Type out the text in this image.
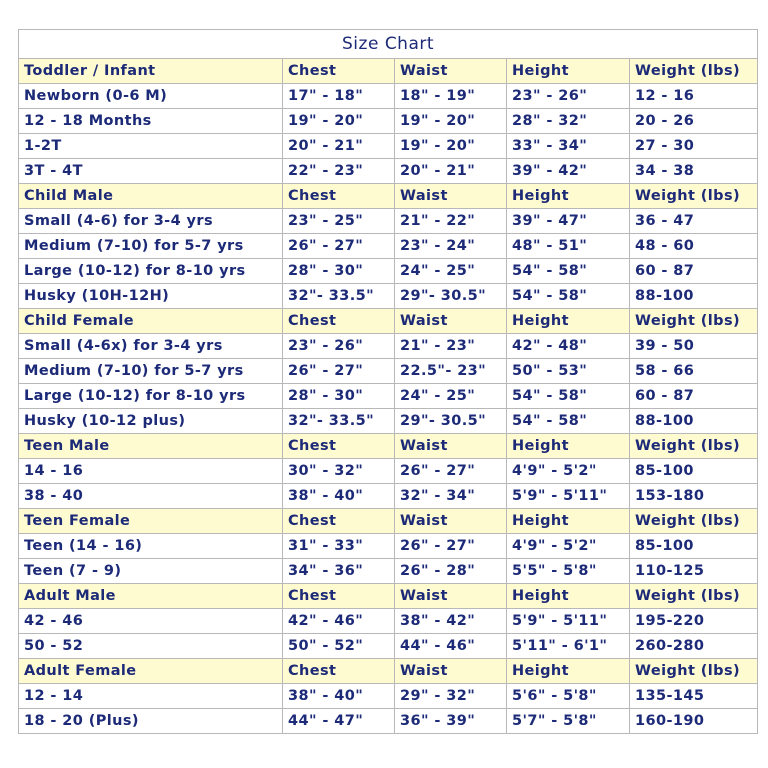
Size Chart				
Toddler / Infant	Chest	Waist	Height	Weight (lbs)
Newborn (0-6 M)	17" - 18"	18" - 19"	23" - 26"	12 - 16
12 - 18 Months	19" - 20"	19" - 20"	28" - 32"	20 - 26
1-2T	20" - 21"	19" - 20"	33" - 34"	27 - 30
3T - 4T	22" - 23"	20" - 21"	39" - 42"	34 - 38
Child Male	Chest	Waist	Height	Weight (lbs)
Small (4-6) for 3-4 yrs	23" - 25"	21" - 22"	39" - 47"	36 - 47
Medium (7-10) for 5-7 yrs	26" - 27"	23" - 24"	48" - 51"	48 - 60
Large (10-12) for 8-10 yrs	28" - 30"	24" - 25"	54" - 58"	60 - 87
Husky (10H-12H)	32"- 33.5"	29"- 30.5"	54" - 58"	88-100
Child Female	Chest	Waist	Height	Weight (lbs)
Small (4-6x) for 3-4 yrs	23" - 26"	21" - 23"	42" - 48"	39 - 50
Medium (7-10) for 5-7 yrs	26" - 27"	22.5"- 23"	50" - 53"	58 - 66
Large (10-12) for 8-10 yrs	28" - 30"	24" - 25"	54" - 58"	60 - 87
Husky (10-12 plus)	32"- 33.5"	29"- 30.5"	54" - 58"	88-100
Teen Male	Chest	Waist	Height	Weight (lbs)
14 - 16	30" - 32"	26" - 27"	4'9" - 5'2"	85-100
38 - 40	38" - 40"	32" - 34"	5'9" - 5'11"	153-180
Teen Female	Chest	Waist	Height	Weight (lbs)
Teen (14 - 16)	31" - 33"	26" - 27"	4'9" - 5'2"	85-100
Teen (7 - 9)	34" - 36"	26" - 28"	5'5" - 5'8"	110-125
Adult Male	Chest	Waist	Height	Weight (lbs)
42 - 46	42" - 46"	38" - 42"	5'9" - 5'11"	195-220
50 - 52	50" - 52"	44" - 46"	5'11" - 6'1"	260-280
Adult Female	Chest	Waist	Height	Weight (lbs)
12 - 14	38" - 40"	29" - 32"	5'6" - 5'8"	135-145
18 - 20 (Plus)	44" - 47"	36" - 39"	5'7" - 5'8"	160-190
